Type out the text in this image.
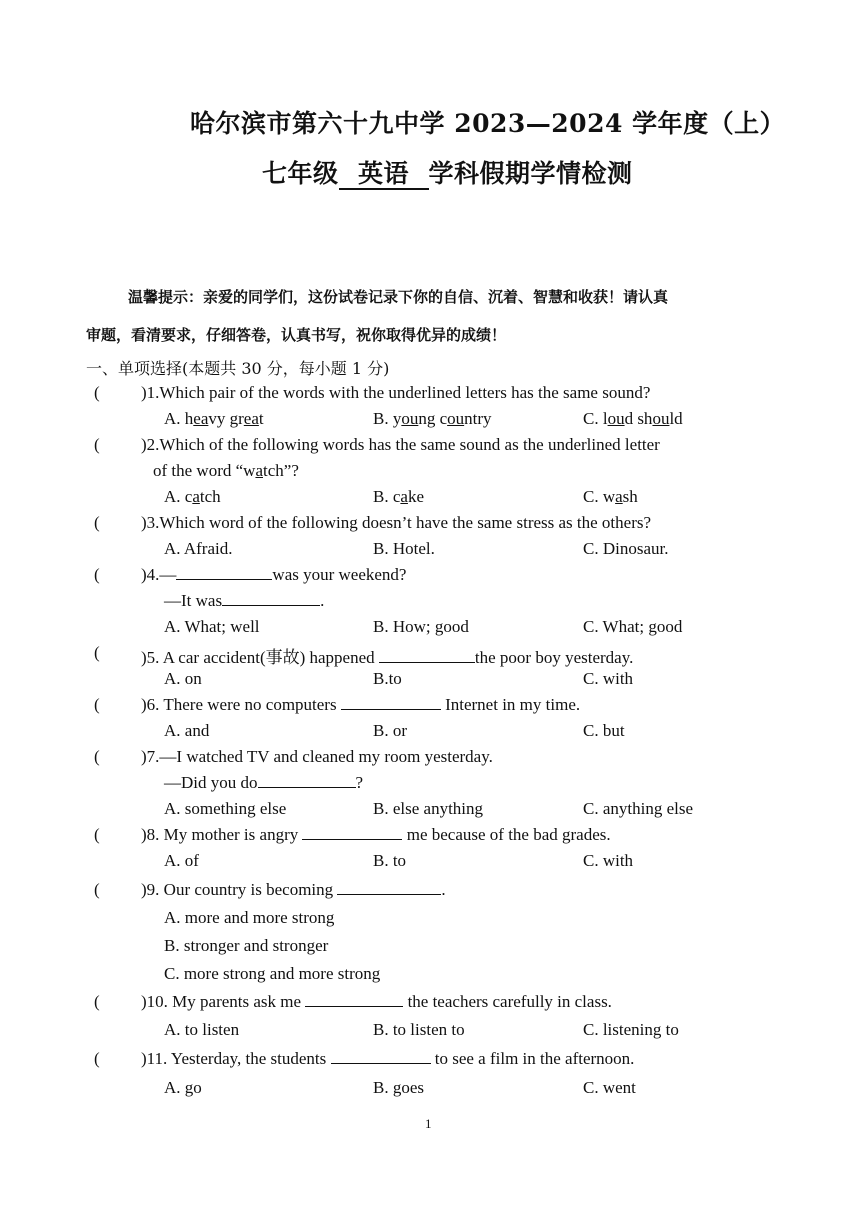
哈尔滨市第六十九中学 2023—2024 学年度（上）
七年级 英语 学科假期学情检测
温馨提示：亲爱的同学们，这份试卷记录下你的自信、沉着、智慧和收获！请认真
审题，看清要求，仔细答卷，认真书写，祝你取得优异的成绩！
一、单项选择(本题共 30 分，每小题 1 分)
( )1.Which pair of the words with the underlined letters has the same sound?
A. heavy great	B. young country	C. loud should
( )2.Which of the following words has the same sound as the underlined letter
of the word “watch”?
A. catch	B. cake	C. wash
( )3.Which word of the following doesn’t have the same stress as the others?
A. Afraid.	B. Hotel.	C. Dinosaur.
( )4.—	was your weekend?
—It was	.
A. What; well	B. How; good	C. What; good
( )5. A car accident(事故) happened	the poor boy yesterday.
A. on	B.to	C. with
( )6. There were no computers	Internet in my time.
A. and	B. or	C. but
( )7.—I watched TV and cleaned my room yesterday.
—Did you do	?
A. something else	B. else anything	C. anything else
( )8. My mother is angry	me because of the bad grades.
A. of	B. to	C. with
( )9. Our country is becoming	.
A. more and more strong
B. stronger and stronger
C. more strong and more strong
( )10. My parents ask me	the teachers carefully in class.
A. to listen	B. to listen to	C. listening to
( )11. Yesterday, the students	to see a film in the afternoon.
A. go	B. goes	C. went
1
